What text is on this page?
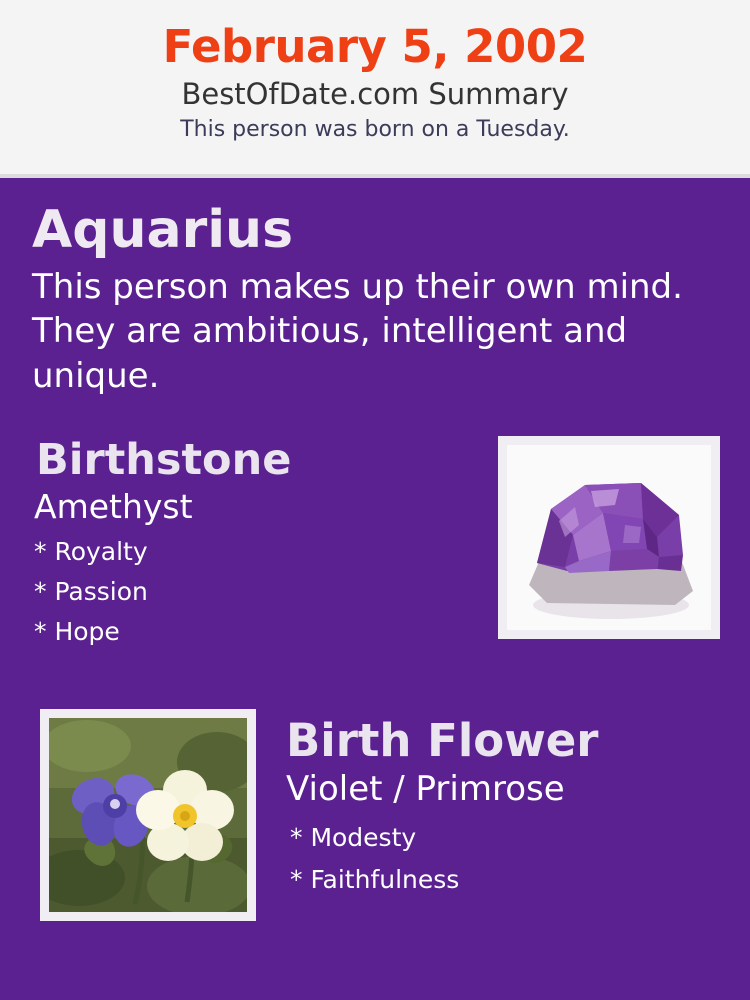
February 5, 2002
BestOfDate.com Summary
This person was born on a Tuesday.
Aquarius
This person makes up their own mind. They are ambitious, intelligent and unique.
Birthstone
Amethyst
* Royalty
* Passion
* Hope
Birth Flower
Violet / Primrose
* Modesty
* Faithfulness
